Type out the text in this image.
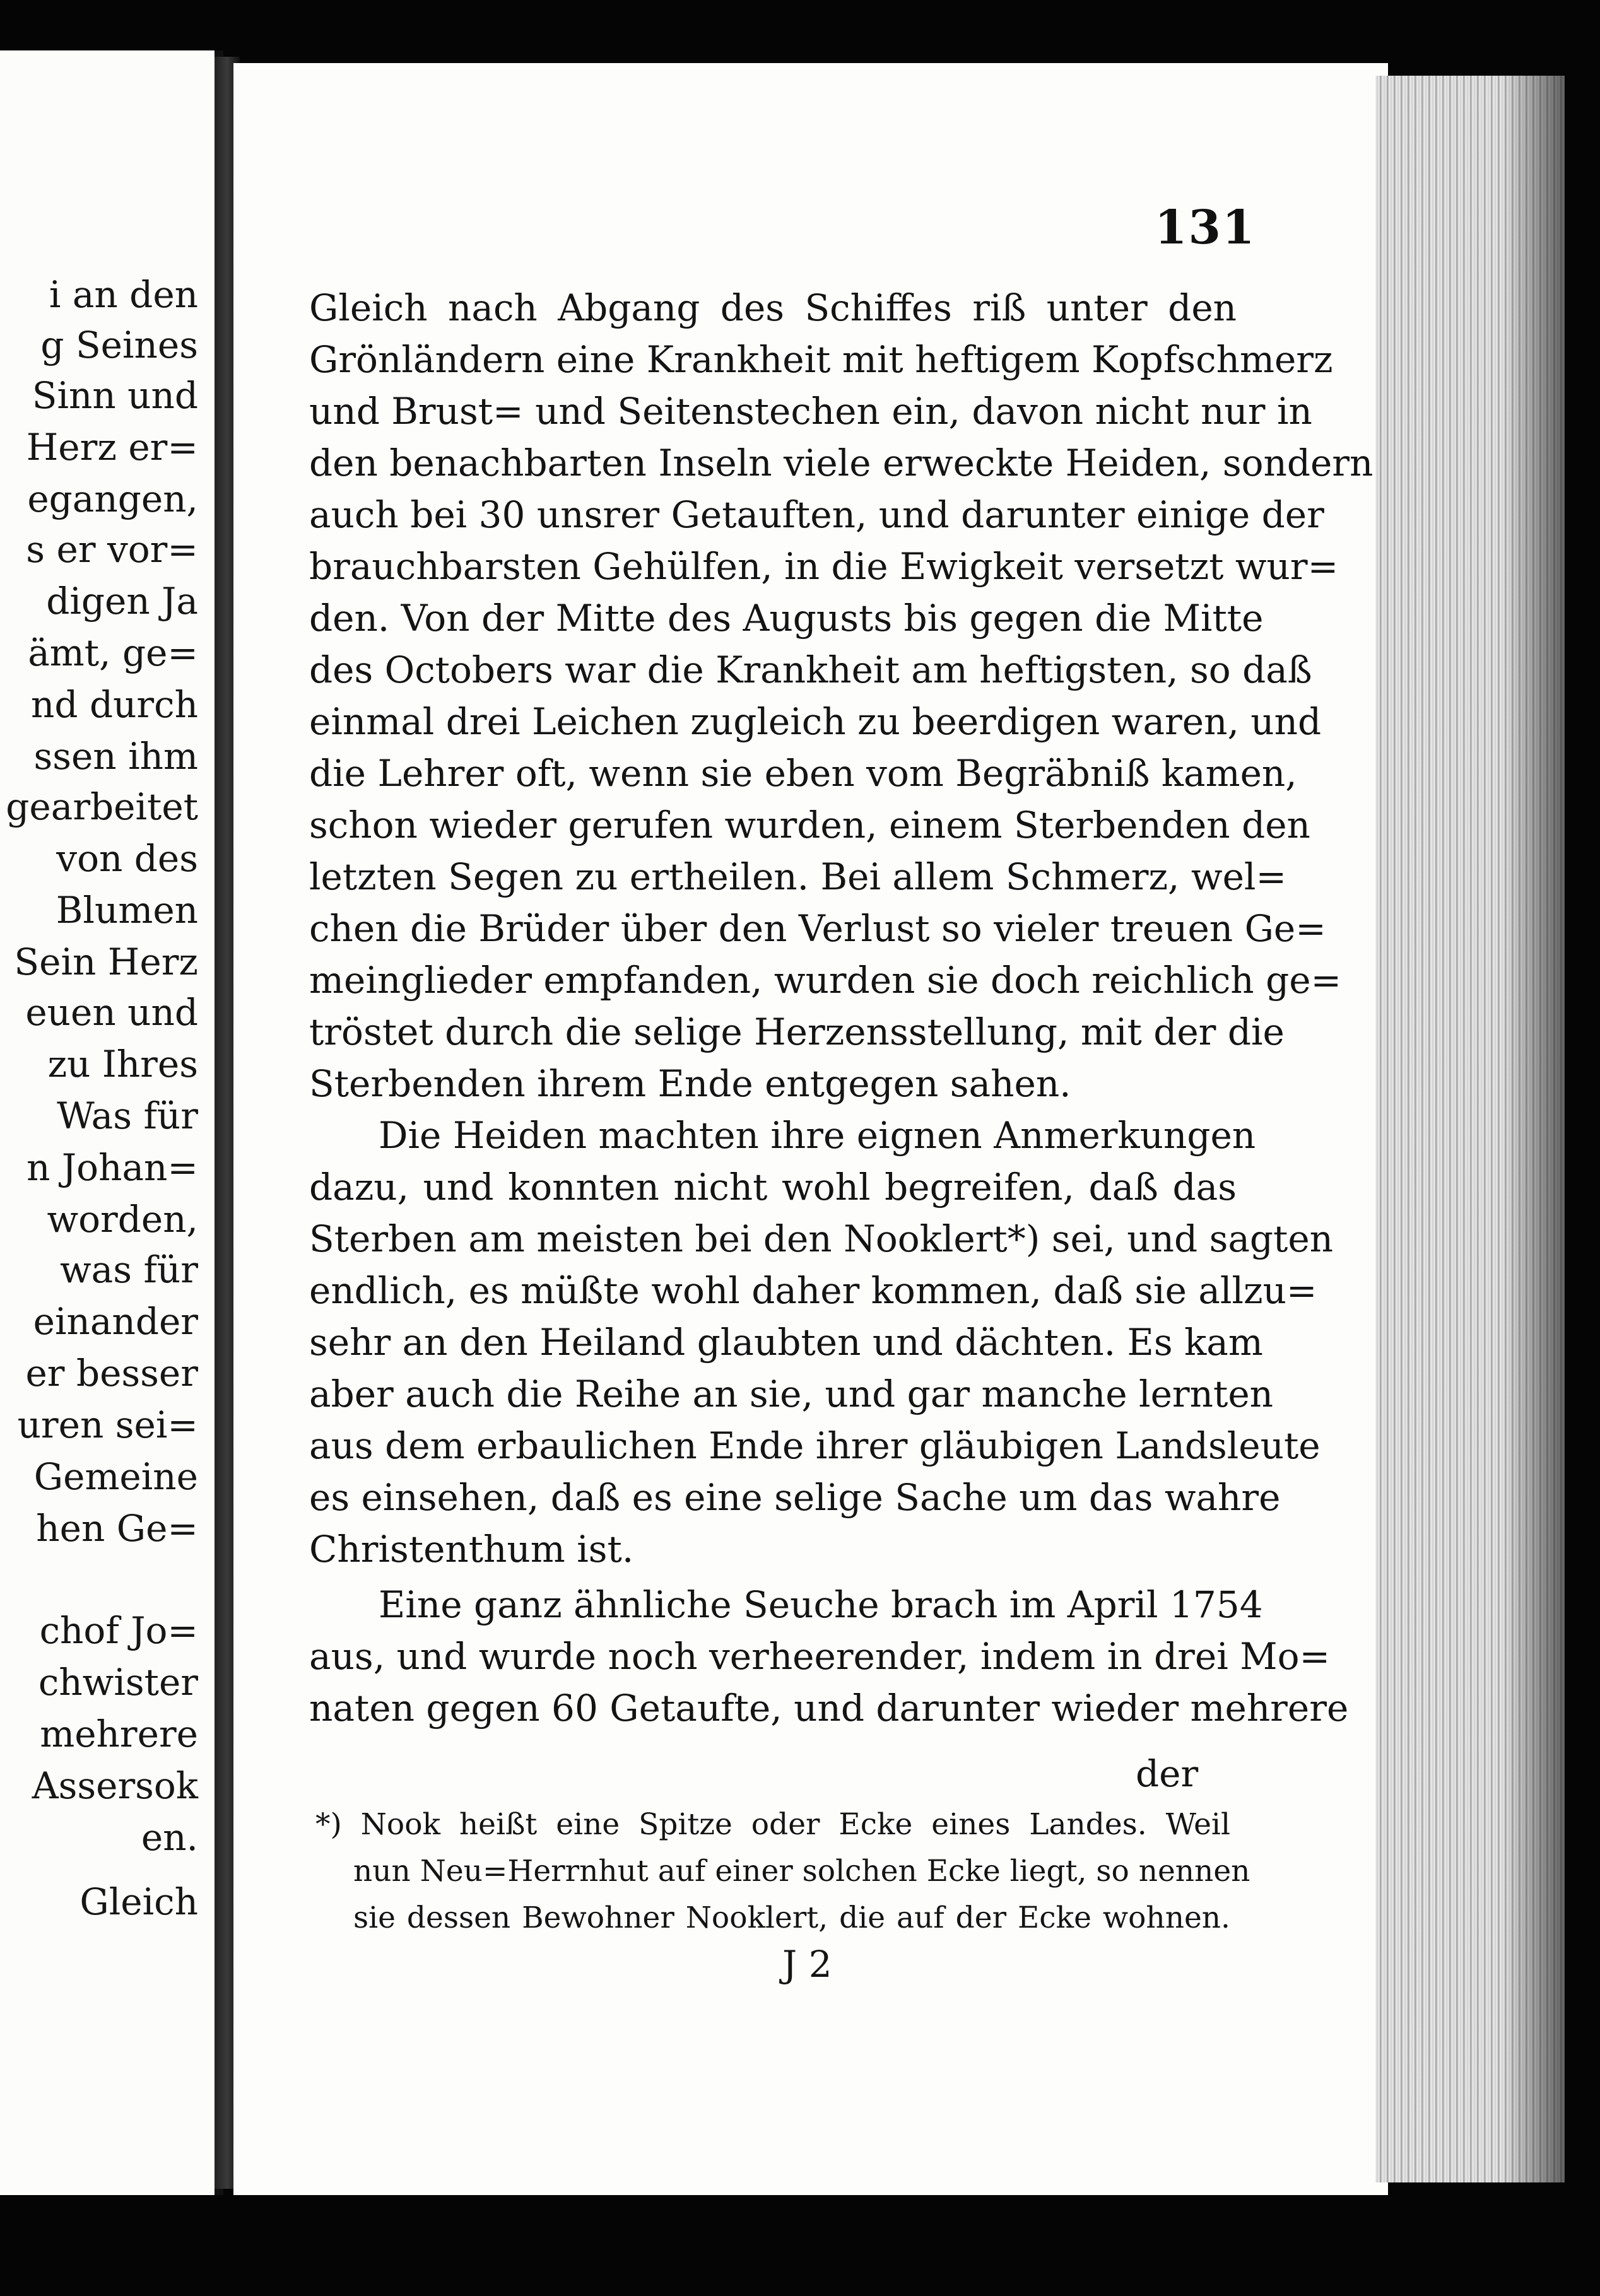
i an den

g Seines

Sinn und

Herz er=

egangen,

s er vor=

digen Ja

ämt, ge=

nd durch

ssen ihm

gearbeitet

von des

Blumen

Sein Herz

euen und

zu Ihres

Was für

n Johan=

worden,

was für

einander

er besser

uren sei=

Gemeine

hen Ge=

chof Jo=

chwister

mehrere

Assersok

en.

Gleich

131

Gleich nach Abgang des Schiffes riß unter den

Grönländern eine Krankheit mit heftigem Kopfschmerz

und Brust= und Seitenstechen ein, davon nicht nur in

den benachbarten Inseln viele erweckte Heiden, sondern

auch bei 30 unsrer Getauften, und darunter einige der

brauchbarsten Gehülfen, in die Ewigkeit versetzt wur=

den. Von der Mitte des Augusts bis gegen die Mitte

des Octobers war die Krankheit am heftigsten, so daß

einmal drei Leichen zugleich zu beerdigen waren, und

die Lehrer oft, wenn sie eben vom Begräbniß kamen,

schon wieder gerufen wurden, einem Sterbenden den

letzten Segen zu ertheilen. Bei allem Schmerz, wel=

chen die Brüder über den Verlust so vieler treuen Ge=

meinglieder empfanden, wurden sie doch reichlich ge=

tröstet durch die selige Herzensstellung, mit der die

Sterbenden ihrem Ende entgegen sahen.

Die Heiden machten ihre eignen Anmerkungen

dazu, und konnten nicht wohl begreifen, daß das

Sterben am meisten bei den Nooklert*) sei, und sagten

endlich, es müßte wohl daher kommen, daß sie allzu=

sehr an den Heiland glaubten und dächten. Es kam

aber auch die Reihe an sie, und gar manche lernten

aus dem erbaulichen Ende ihrer gläubigen Landsleute

es einsehen, daß es eine selige Sache um das wahre

Christenthum ist.

Eine ganz ähnliche Seuche brach im April 1754

aus, und wurde noch verheerender, indem in drei Mo=

naten gegen 60 Getaufte, und darunter wieder mehrere

der

*) Nook heißt eine Spitze oder Ecke eines Landes. Weil

nun Neu=Herrnhut auf einer solchen Ecke liegt, so nennen

sie dessen Bewohner Nooklert, die auf der Ecke wohnen.

J 2
